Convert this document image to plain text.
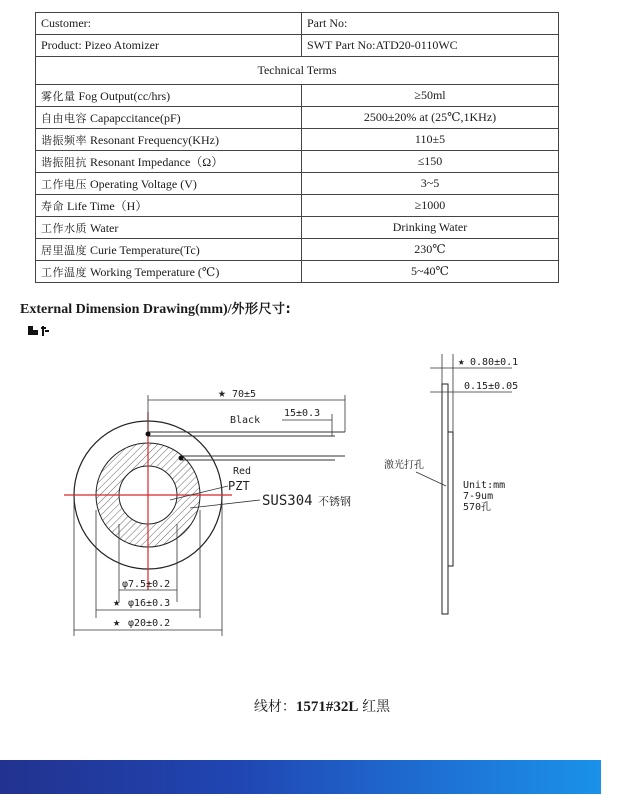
Customer:	Part No:
Product: Pizeo Atomizer	SWT Part No:ATD20-0110WC
Technical Terms	
雾化量 Fog Output(cc/hrs)	≥50ml
自由电容 Capapccitance(pF)	2500±20% at (25℃,1KHz)
谐振频率 Resonant Frequency(KHz)	110±5
谐振阻抗 Resonant Impedance（Ω）	≤150
工作电压 Operating Voltage (V)	3~5
寿命 Life Time（H）	≥1000
工作水质 Water	Drinking Water
居里温度 Curie Temperature(Tc)	230℃
工作温度 Working Temperature (℃)	5~40℃
External Dimension Drawing(mm)/外形尺寸:
★ 70±5
15±0.3
Black
Red
PZT
SUS304 不锈钢
φ7.5±0.2
★ φ16±0.3
★ φ20±0.2
★ 0.80±0.1
0.15±0.05
激光打孔
Unit:mm
7-9um
570孔
线材：1571#32L 红黑
